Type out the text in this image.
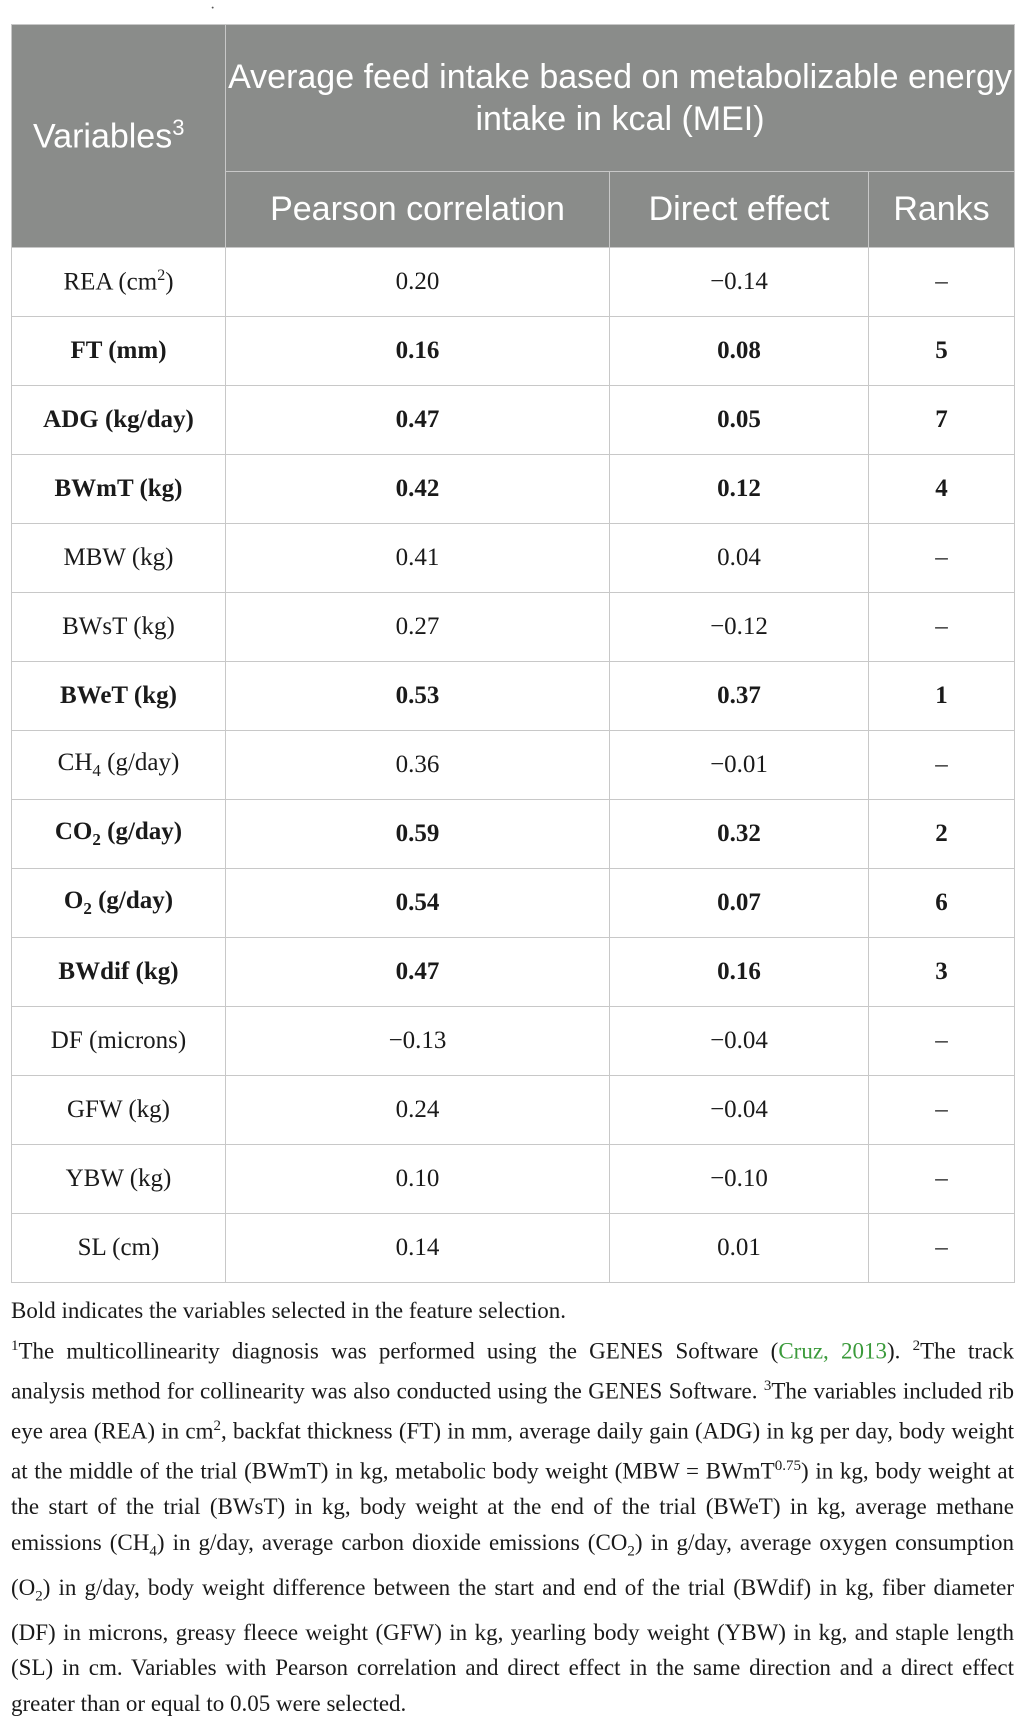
·
Variables$^3$	Average feed intake based on metabolizable energy intake in kcal (MEI)		
	Pearson correlation	Direct effect	Ranks
REA $(cm^2)$	0.20	−0.14	–
FT (mm)	0.16	0.08	5
ADG (kg/day)	0.47	0.05	7
BWmT (kg)	0.42	0.12	4
MBW (kg)	0.41	0.04	–
BWsT (kg)	0.27	−0.12	–
BWeT (kg)	0.53	0.37	1
$CH_4$ (g/day)	0.36	−0.01	–
$CO_2$ (g/day)	0.59	0.32	2
$O_2$ (g/day)	0.54	0.07	6
BWdif (kg)	0.47	0.16	3
DF (microns)	−0.13	−0.04	–
GFW (kg)	0.24	−0.04	–
YBW (kg)	0.10	−0.10	–
SL (cm)	0.14	0.01	–

Bold indicates the variables selected in the feature selection.

$^1$The multicollinearity diagnosis was performed using the GENES Software (Cruz, 2013). $^2$The track analysis method for collinearity was also conducted using the GENES Software. $^3$The variables included rib eye area (REA) in $cm^2$, backfat thickness (FT) in mm, average daily gain (ADG) in kg per day, body weight at the middle of the trial (BWmT) in kg, metabolic body weight (MBW = BWmT$^{0.75}$) in kg, body weight at the start of the trial (BWsT) in kg, body weight at the end of the trial (BWeT) in kg, average methane emissions $(CH_4)$ in g/day, average carbon dioxide emissions $(CO_2)$ in g/day, average oxygen consumption $(O_2)$ in g/day, body weight difference between the start and end of the trial (BWdif) in kg, fiber diameter (DF) in microns, greasy fleece weight (GFW) in kg, yearling body weight (YBW) in kg, and staple length (SL) in cm. Variables with Pearson correlation and direct effect in the same direction and a direct effect greater than or equal to 0.05 were selected.
